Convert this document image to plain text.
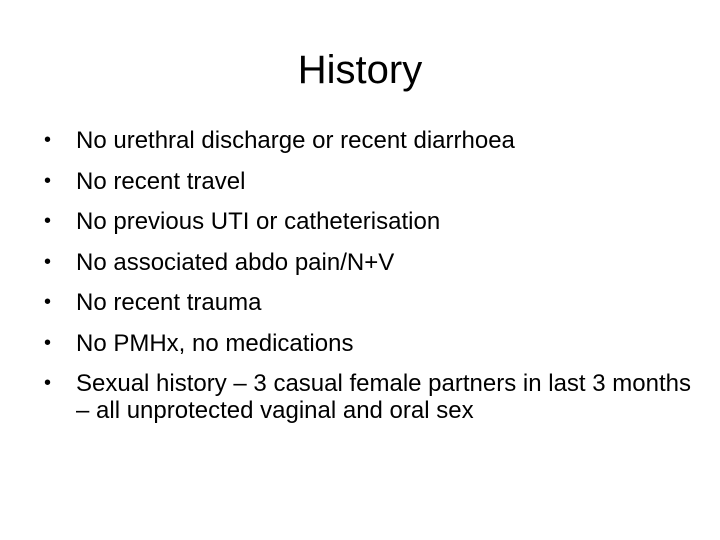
History
•	No urethral discharge or recent diarrhoea
•	No recent travel
•	No previous UTI or catheterisation
•	No associated abdo pain/N+V
•	No recent trauma
•	No PMHx, no medications
•	Sexual history – 3 casual female partners in last 3 months – all unprotected vaginal and oral sex
